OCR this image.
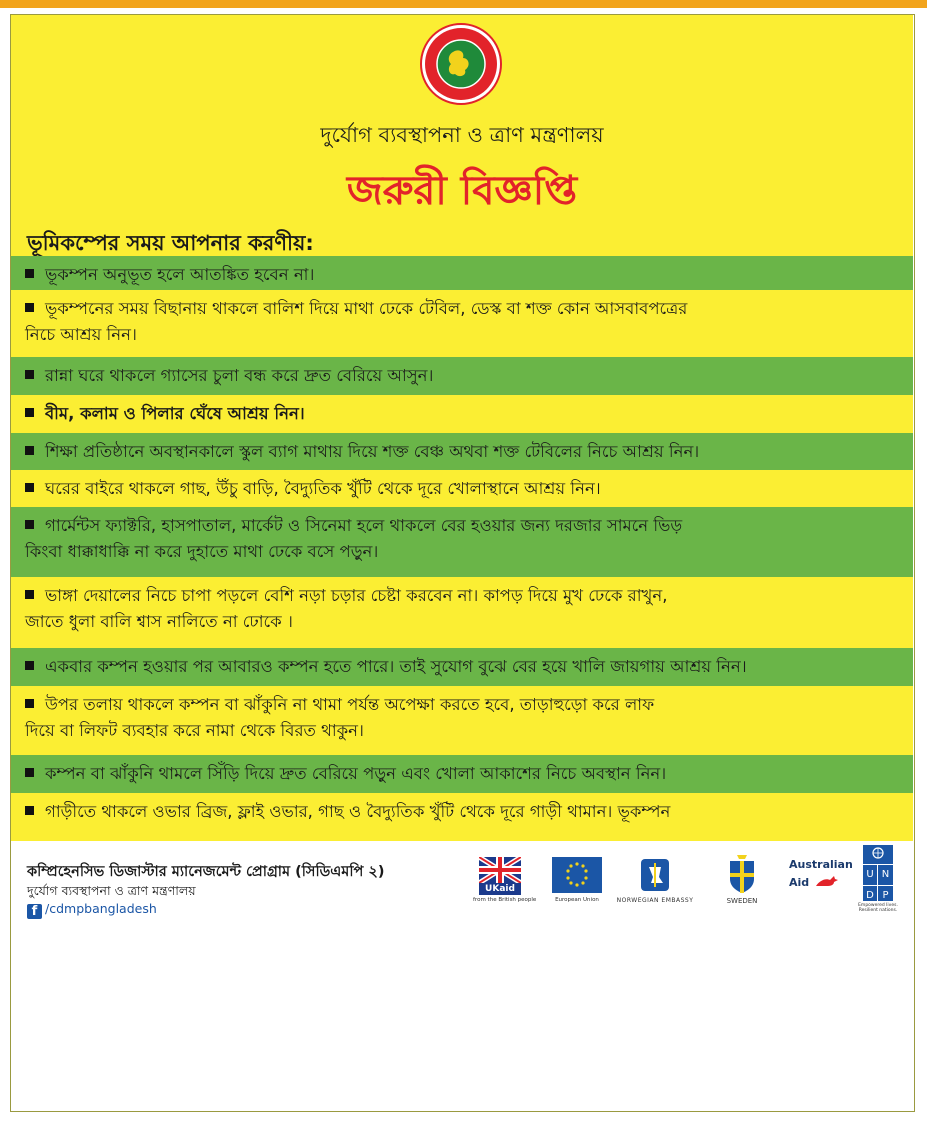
দুর্যোগ ব্যবস্থাপনা ও ত্রাণ মন্ত্রণালয়
জরুরী বিজ্ঞপ্তি
ভূমিকম্পের সময় আপনার করণীয়:
ভূকম্পন অনুভূত হলে আতঙ্কিত হবেন না।
ভূকম্পনের সময় বিছানায় থাকলে বালিশ দিয়ে মাথা ঢেকে টেবিল, ডেস্ক বা শক্ত কোন আসবাবপত্রের
নিচে আশ্রয় নিন।
রান্না ঘরে থাকলে গ্যাসের চুলা বন্ধ করে দ্রুত বেরিয়ে আসুন।
বীম, কলাম ও পিলার ঘেঁষে আশ্রয় নিন।
শিক্ষা প্রতিষ্ঠানে অবস্থানকালে স্কুল ব্যাগ মাথায় দিয়ে শক্ত বেঞ্চ অথবা শক্ত টেবিলের নিচে আশ্রয় নিন।
ঘরের বাইরে থাকলে গাছ, উঁচু বাড়ি, বৈদ্যুতিক খুঁটি থেকে দূরে খোলাস্থানে আশ্রয় নিন।
গার্মেন্টস ফ্যাক্টরি, হাসপাতাল, মার্কেট ও সিনেমা হলে থাকলে বের হওয়ার জন্য দরজার সামনে ভিড়
কিংবা ধাক্কাধাক্কি না করে দুহাতে মাথা ঢেকে বসে পড়ুন।
ভাঙ্গা দেয়ালের নিচে চাপা পড়লে বেশি নড়া চড়ার চেষ্টা করবেন না। কাপড় দিয়ে মুখ ঢেকে রাখুন,
জাতে ধুলা বালি শ্বাস নালিতে না ঢোকে ।
একবার কম্পন হওয়ার পর আবারও কম্পন হতে পারে। তাই সুযোগ বুঝে বের হয়ে খালি জায়গায় আশ্রয় নিন।
উপর তলায় থাকলে কম্পন বা ঝাঁকুনি না থামা পর্যন্ত অপেক্ষা করতে হবে, তাড়াহুড়ো করে লাফ
দিয়ে বা লিফট ব্যবহার করে নামা থেকে বিরত থাকুন।
কম্পন বা ঝাঁকুনি থামলে সিঁড়ি দিয়ে দ্রুত বেরিয়ে পড়ুন এবং খোলা আকাশের নিচে অবস্থান নিন।
গাড়ীতে থাকলে ওভার ব্রিজ, ফ্লাই ওভার, গাছ ও বৈদ্যুতিক খুঁটি থেকে দূরে গাড়ী থামান। ভূকম্পন
কম্প্রিহেনসিভ ডিজাস্টার ম্যানেজমেন্ট প্রোগ্রাম (সিডিএমপি ২)
দুর্যোগ ব্যবস্থাপনা ও ত্রাণ মন্ত্রণালয়
f /cdmpbangladesh
UKaid
from the British people	European Union	NORWEGIAN EMBASSY	SWEDEN
Australian
Aid
U N
D P
Empowered lives. Resilient nations.
